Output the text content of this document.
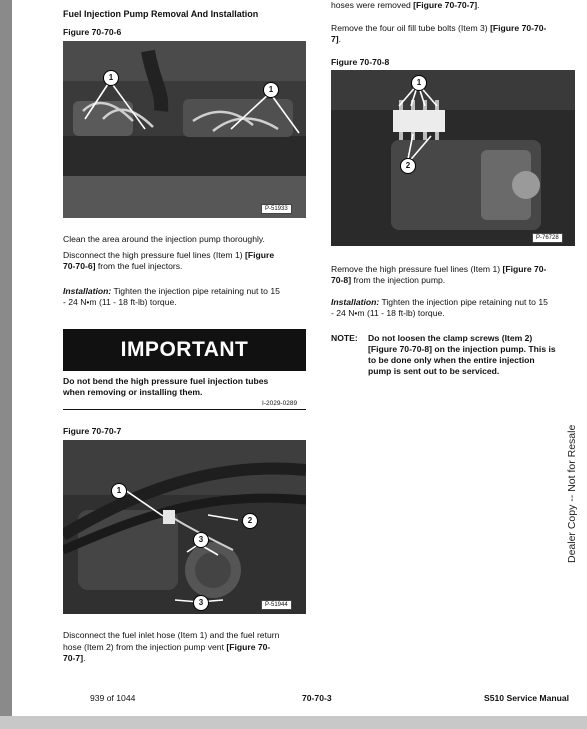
Fuel Injection Pump Removal And Installation
Figure 70-70-6
1
1
P-51933
Clean the area around the injection pump thoroughly.
Disconnect the high pressure fuel lines (Item 1) [Figure
70-70-6] from the fuel injectors.
Installation: Tighten the injection pipe retaining nut to 15
- 24 N•m (11 - 18 ft-lb) torque.
IMPORTANT
Do not bend the high pressure fuel injection tubes
when removing or installing them.
I-2029-0289
Figure 70-70-7
1
2
3
3	P-51944
Disconnect the fuel inlet hose (Item 1) and the fuel return
hose (Item 2) from the injection pump vent [Figure 70-
70-7].
hoses were removed [Figure 70-70-7].
Remove the four oil fill tube bolts (Item 3) [Figure 70-70-
7].
Figure 70-70-8
1
2
P-76728
Remove the high pressure fuel lines (Item 1) [Figure 70-
70-8] from the injection pump.
Installation: Tighten the injection pipe retaining nut to 15
- 24 N•m (11 - 18 ft-lb) torque.
NOTE: Do not loosen the clamp screws (Item 2)
[Figure 70-70-8] on the injection pump. This is
to be done only when the entire injection
pump is sent out to be serviced.
Dealer Copy -- Not for Resale
939 of 1044	70-70-3	S510 Service Manual
